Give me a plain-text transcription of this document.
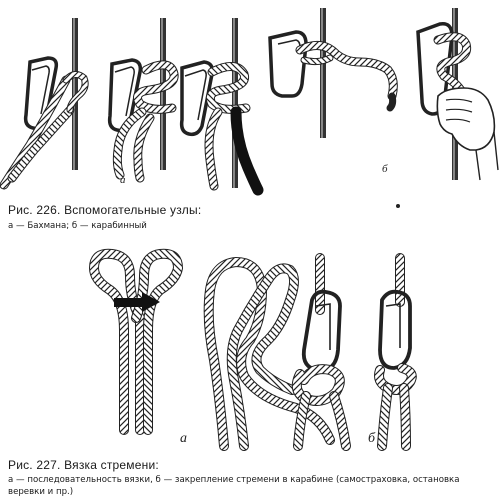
а
б
а	б
Рис. 226. Вспомогательные узлы:
а — Бахмана; б — карабинный
Рис. 227. Вязка стремени:
а — последовательность вязки, б — закрепление стремени в карабине (самостраховка, остановка веревки и пр.)
